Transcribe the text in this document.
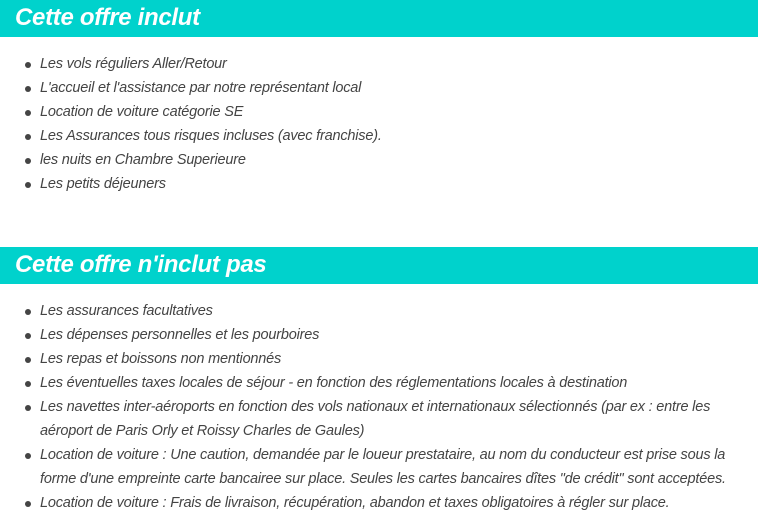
Cette offre inclut
Les vols réguliers Aller/Retour
L'accueil et l'assistance par notre représentant local
Location de voiture catégorie SE
Les Assurances tous risques incluses (avec franchise).
les nuits en Chambre Superieure
Les petits déjeuners
Cette offre n'inclut pas
Les assurances facultatives
Les dépenses personnelles et les pourboires
Les repas et boissons non mentionnés
Les éventuelles taxes locales de séjour - en fonction des réglementations locales à destination
Les navettes inter-aéroports en fonction des vols nationaux et internationaux sélectionnés (par ex : entre les aéroport de Paris Orly et Roissy Charles de Gaules)
Location de voiture : Une caution, demandée par le loueur prestataire, au nom du conducteur est prise sous la forme d'une empreinte carte bancairee sur place. Seules les cartes bancaires dîtes "de crédit" sont acceptées.
Location de voiture : Frais de livraison, récupération, abandon et taxes obligatoires à régler sur place.
